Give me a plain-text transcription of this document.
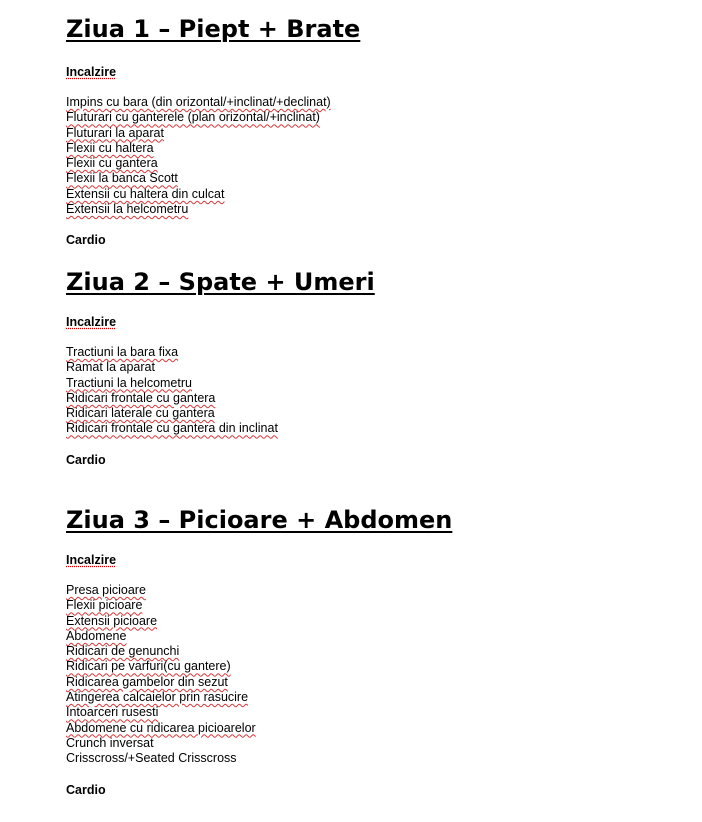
Ziua 1 – Piept + Brate
Incalzire
Impins cu bara (din orizontal/+inclinat/+declinat)
Fluturari cu ganterele (plan orizontal/+inclinat)
Fluturari la aparat
Flexii cu haltera
Flexii cu gantera
Flexii la banca Scott
Extensii cu haltera din culcat
Extensii la helcometru
Cardio
Ziua 2 – Spate + Umeri
Incalzire
Tractiuni la bara fixa
Ramat la aparat
Tractiuni la helcometru
Ridicari frontale cu gantera
Ridicari laterale cu gantera
Ridicari frontale cu gantera din inclinat
Cardio
Ziua 3 – Picioare + Abdomen
Incalzire
Presa picioare
Flexii picioare
Extensii picioare
Abdomene
Ridicari de genunchi
Ridicari pe varfuri(cu gantere)
Ridicarea gambelor din sezut
Atingerea calcaielor prin rasucire
Intoarceri rusesti
Abdomene cu ridicarea picioarelor
Crunch inversat
Crisscross/+Seated Crisscross
Cardio
